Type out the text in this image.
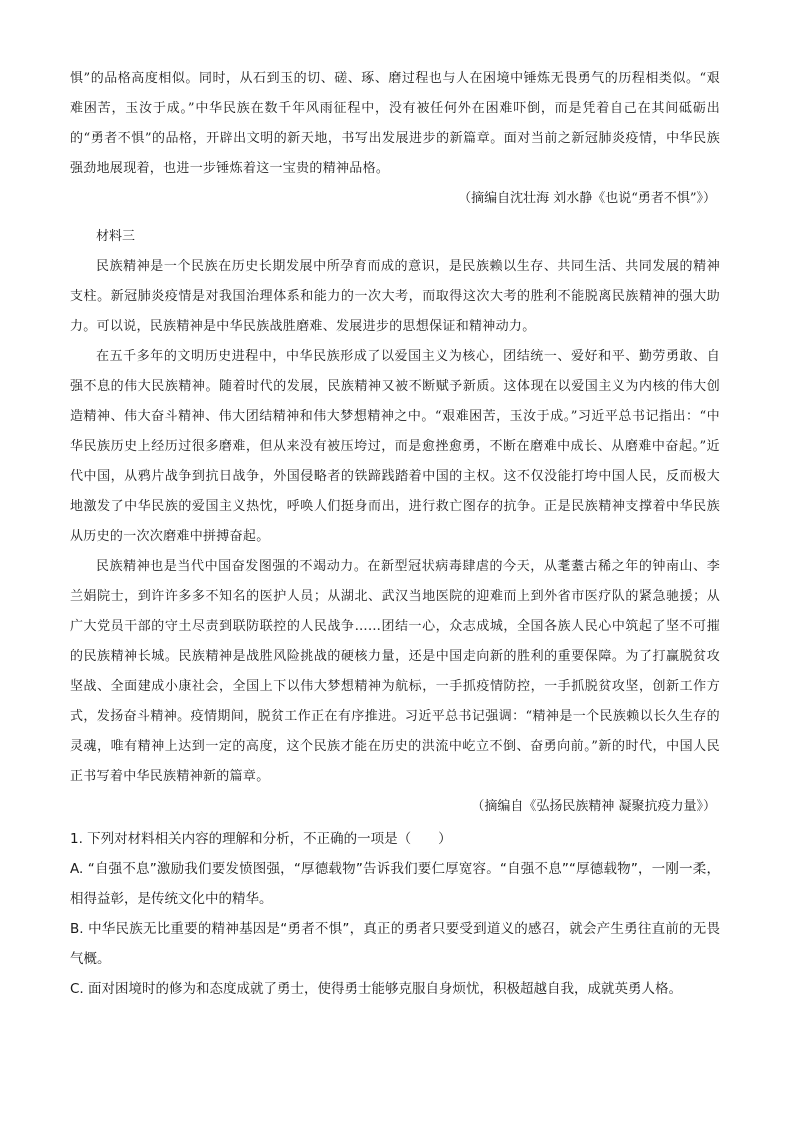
惧”的品格高度相似。同时，从石到玉的切、磋、琢、磨过程也与人在困境中锤炼无畏勇气的历程相类似。“艰难困苦，玉汝于成。”中华民族在数千年风雨征程中，没有被任何外在困难吓倒，而是凭着自己在其间砥砺出的“勇者不惧”的品格，开辟出文明的新天地，书写出发展进步的新篇章。面对当前之新冠肺炎疫情，中华民族强劲地展现着，也进一步锤炼着这一宝贵的精神品格。

（摘编自沈壮海 刘水静《也说“勇者不惧”》）

材料三

民族精神是一个民族在历史长期发展中所孕育而成的意识，是民族赖以生存、共同生活、共同发展的精神支柱。新冠肺炎疫情是对我国治理体系和能力的一次大考，而取得这次大考的胜利不能脱离民族精神的强大助力。可以说，民族精神是中华民族战胜磨难、发展进步的思想保证和精神动力。

在五千多年的文明历史进程中，中华民族形成了以爱国主义为核心，团结统一、爱好和平、勤劳勇敢、自强不息的伟大民族精神。随着时代的发展，民族精神又被不断赋予新质。这体现在以爱国主义为内核的伟大创造精神、伟大奋斗精神、伟大团结精神和伟大梦想精神之中。“艰难困苦，玉汝于成。”习近平总书记指出：“中华民族历史上经历过很多磨难，但从来没有被压垮过，而是愈挫愈勇，不断在磨难中成长、从磨难中奋起。”近代中国，从鸦片战争到抗日战争，外国侵略者的铁蹄践踏着中国的主权。这不仅没能打垮中国人民，反而极大地激发了中华民族的爱国主义热忱，呼唤人们挺身而出，进行救亡图存的抗争。正是民族精神支撑着中华民族从历史的一次次磨难中拼搏奋起。

民族精神也是当代中国奋发图强的不竭动力。在新型冠状病毒肆虐的今天，从耄耋古稀之年的钟南山、李兰娟院士，到许许多多不知名的医护人员；从湖北、武汉当地医院的迎难而上到外省市医疗队的紧急驰援；从广大党员干部的守土尽责到联防联控的人民战争……团结一心，众志成城，全国各族人民心中筑起了坚不可摧的民族精神长城。民族精神是战胜风险挑战的硬核力量，还是中国走向新的胜利的重要保障。为了打赢脱贫攻坚战、全面建成小康社会，全国上下以伟大梦想精神为航标，一手抓疫情防控，一手抓脱贫攻坚，创新工作方式，发扬奋斗精神。疫情期间，脱贫工作正在有序推进。习近平总书记强调：“精神是一个民族赖以长久生存的灵魂，唯有精神上达到一定的高度，这个民族才能在历史的洪流中屹立不倒、奋勇向前。”新的时代，中国人民正书写着中华民族精神新的篇章。

（摘编自《弘扬民族精神 凝聚抗疫力量》）

1. 下列对材料相关内容的理解和分析，不正确的一项是（　　）

A. “自强不息”激励我们要发愤图强，“厚德载物”告诉我们要仁厚宽容。“自强不息”“厚德载物”，一刚一柔，相得益彰，是传统文化中的精华。

B. 中华民族无比重要的精神基因是“勇者不惧”，真正的勇者只要受到道义的感召，就会产生勇往直前的无畏气概。

C. 面对困境时的修为和态度成就了勇士，使得勇士能够克服自身烦忧，积极超越自我，成就英勇人格。
